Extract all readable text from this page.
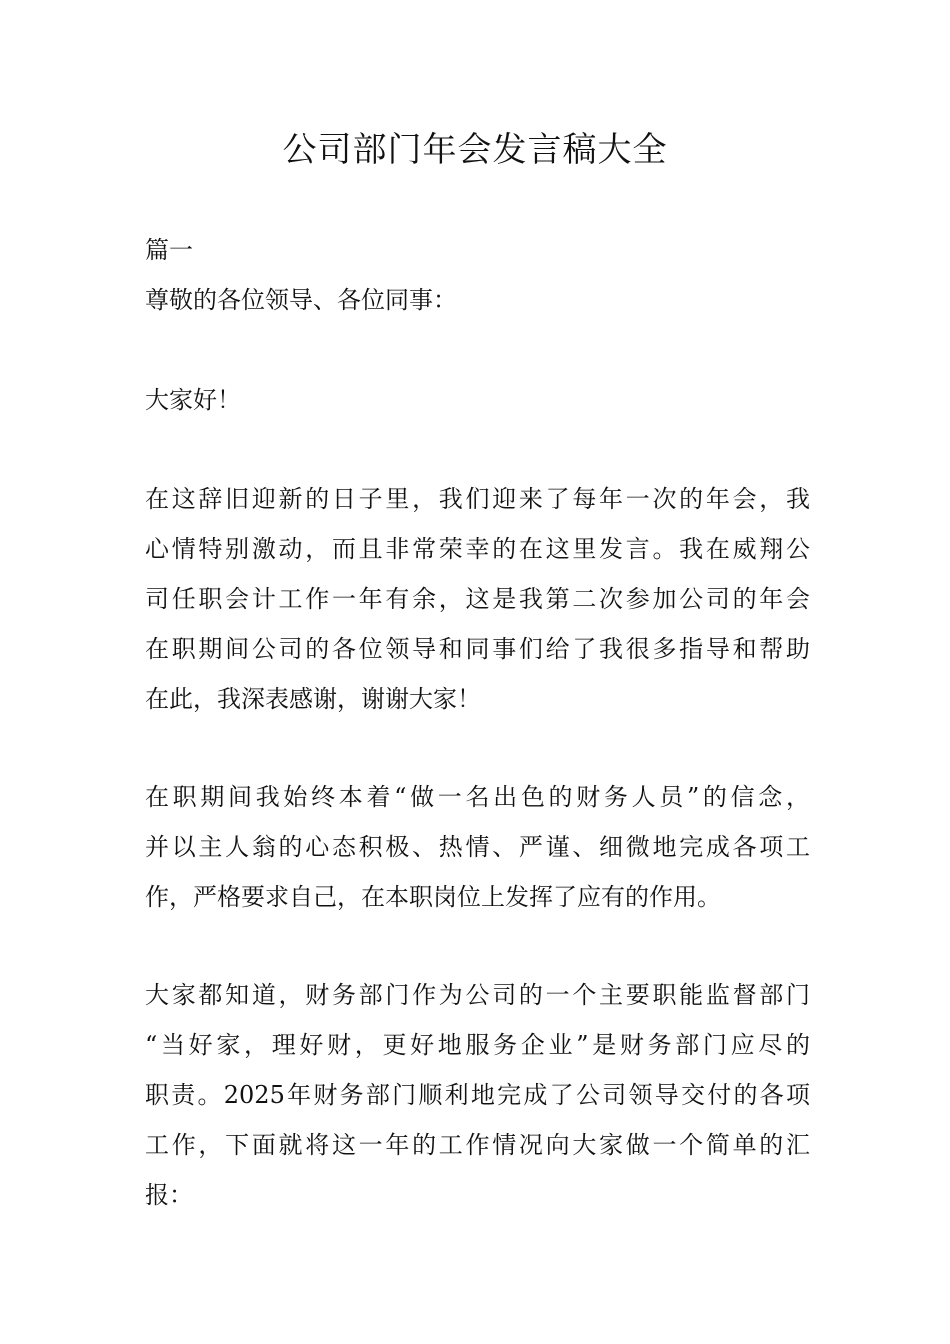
公司部门年会发言稿大全
篇一
尊敬的各位领导、各位同事：
大家好！
在这辞旧迎新的日子里，我们迎来了每年一次的年会，我
心情特别激动，而且非常荣幸的在这里发言。我在威翔公
司任职会计工作一年有余，这是我第二次参加公司的年会
在职期间公司的各位领导和同事们给了我很多指导和帮助
在此，我深表感谢，谢谢大家！
在职期间我始终本着“做一名出色的财务人员”的信念，
并以主人翁的心态积极、热情、严谨、细微地完成各项工
作，严格要求自己，在本职岗位上发挥了应有的作用。
大家都知道，财务部门作为公司的一个主要职能监督部门
“当好家，理好财，更好地服务企业”是财务部门应尽的
职责。2025年财务部门顺利地完成了公司领导交付的各项
工作，下面就将这一年的工作情况向大家做一个简单的汇
报：
